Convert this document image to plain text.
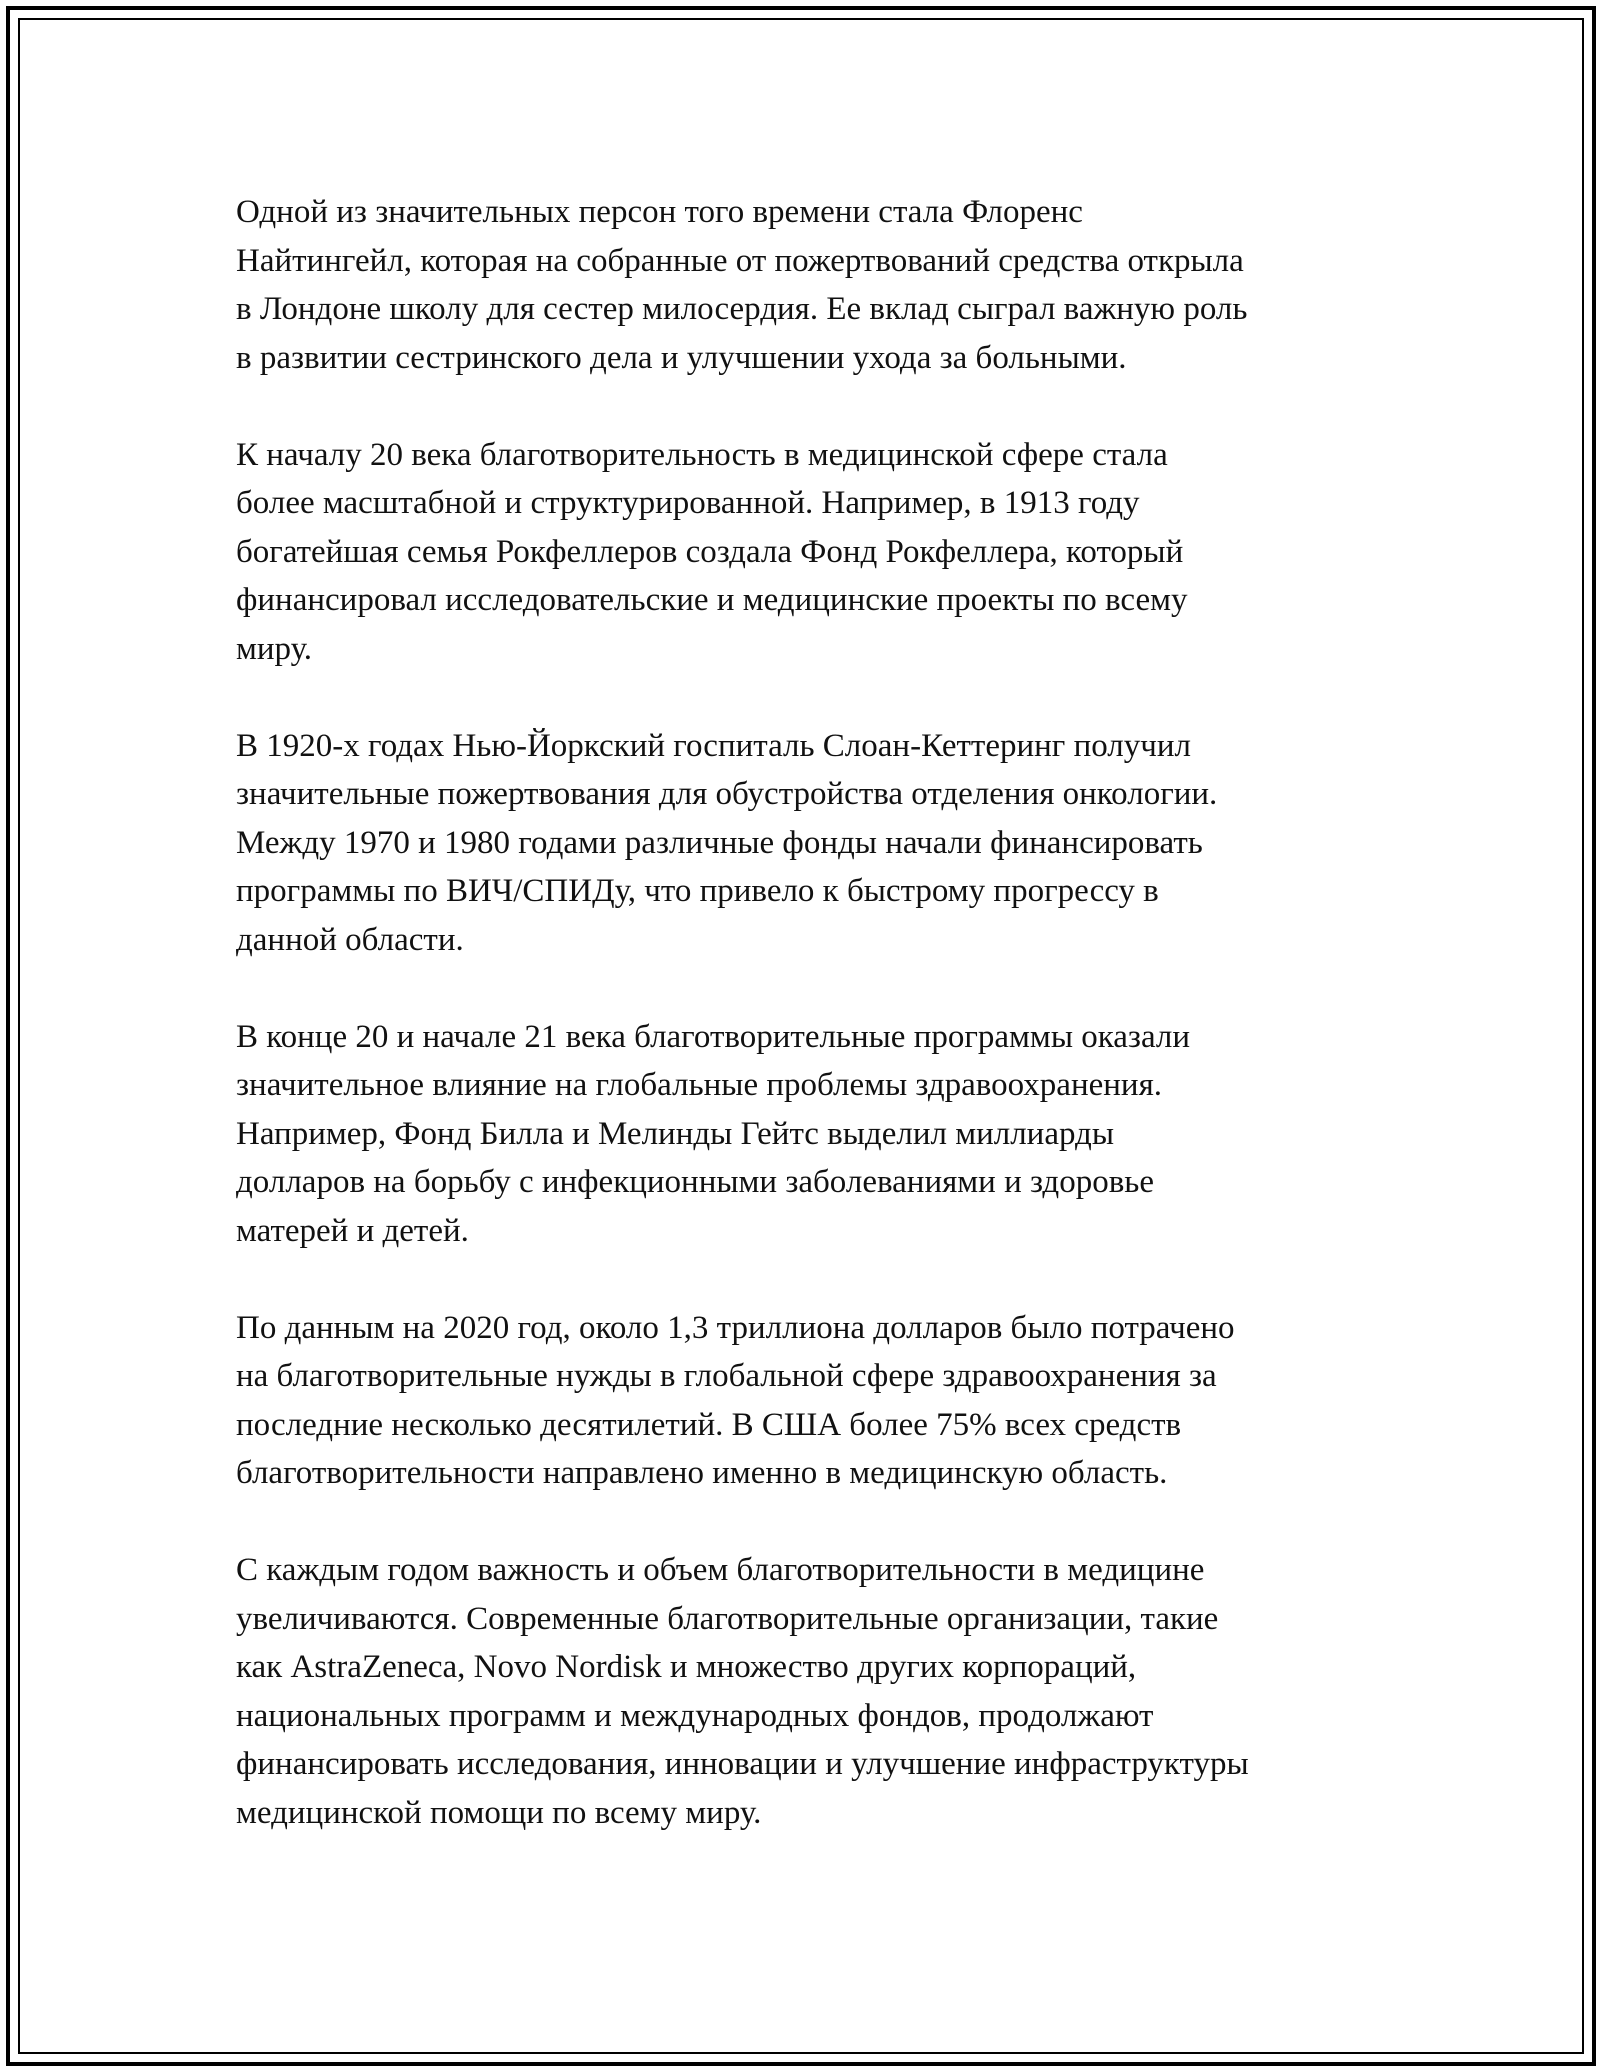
Одной из значительных персон того времени стала Флоренс
Найтингейл, которая на собранные от пожертвований средства открыла
в Лондоне школу для сестер милосердия. Ее вклад сыграл важную роль
в развитии сестринского дела и улучшении ухода за больными.

К началу 20 века благотворительность в медицинской сфере стала
более масштабной и структурированной. Например, в 1913 году
богатейшая семья Рокфеллеров создала Фонд Рокфеллера, который
финансировал исследовательские и медицинские проекты по всему
миру.

В 1920-х годах Нью-Йоркский госпиталь Слоан-Кеттеринг получил
значительные пожертвования для обустройства отделения онкологии.
Между 1970 и 1980 годами различные фонды начали финансировать
программы по ВИЧ/СПИДу, что привело к быстрому прогрессу в
данной области.

В конце 20 и начале 21 века благотворительные программы оказали
значительное влияние на глобальные проблемы здравоохранения.
Например, Фонд Билла и Мелинды Гейтс выделил миллиарды
долларов на борьбу с инфекционными заболеваниями и здоровье
матерей и детей.

По данным на 2020 год, около 1,3 триллиона долларов было потрачено
на благотворительные нужды в глобальной сфере здравоохранения за
последние несколько десятилетий. В США более 75% всех средств
благотворительности направлено именно в медицинскую область.

С каждым годом важность и объем благотворительности в медицине
увеличиваются. Современные благотворительные организации, такие
как AstraZeneca, Novo Nordisk и множество других корпораций,
национальных программ и международных фондов, продолжают
финансировать исследования, инновации и улучшение инфраструктуры
медицинской помощи по всему миру.
